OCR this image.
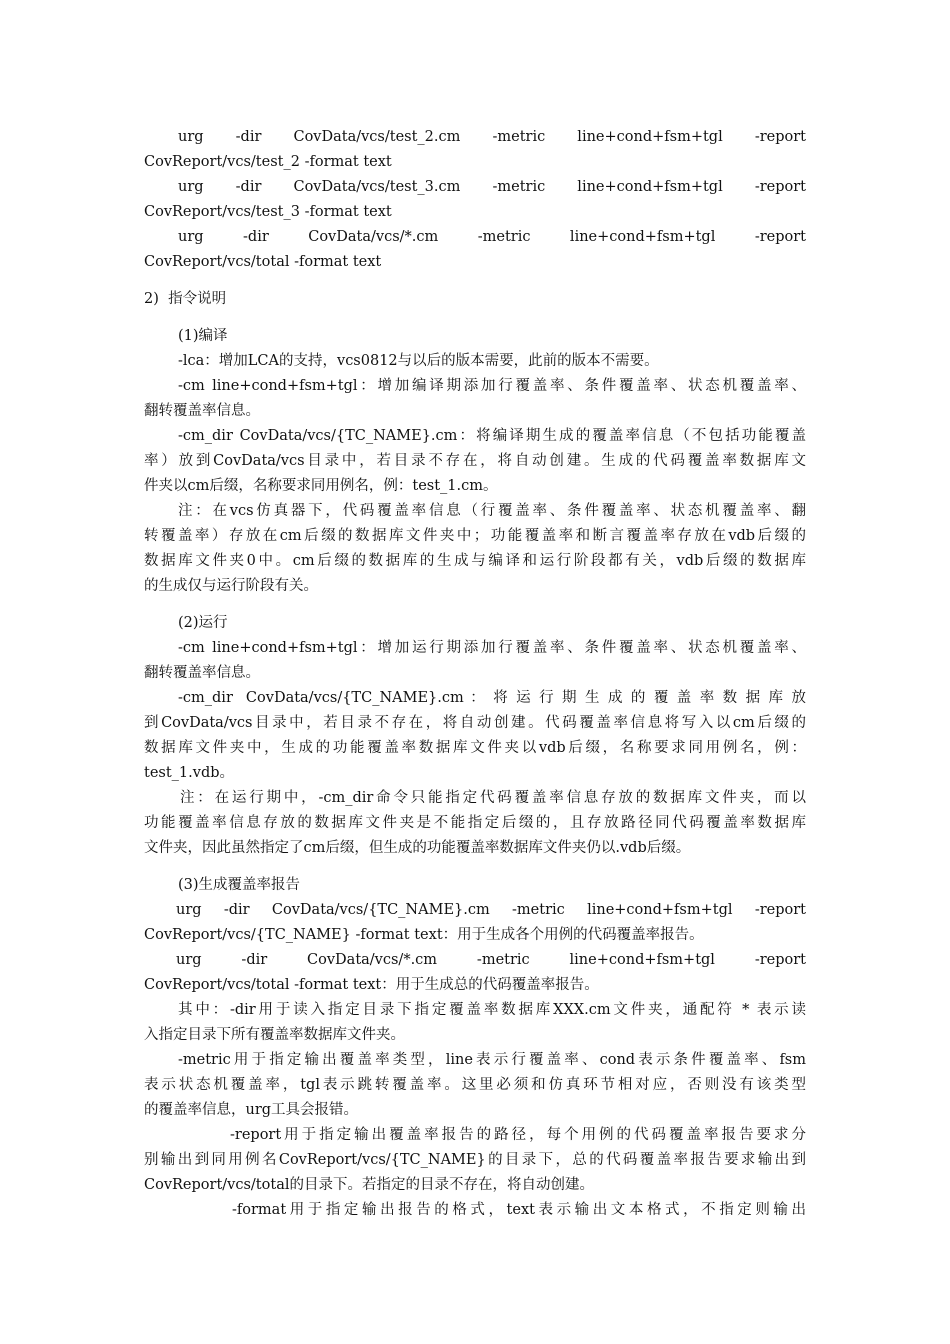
urg   -dir   CovData/vcs/test_2.cm   -metric   line+cond+fsm+tgl   -report
CovReport/vcs/test_2 -format text
urg   -dir   CovData/vcs/test_3.cm   -metric   line+cond+fsm+tgl   -report
CovReport/vcs/test_3 -format text
urg    -dir    CovData/vcs/*.cm    -metric    line+cond+fsm+tgl    -report
CovReport/vcs/total -format text
2)  指令说明
(1)编译
-lca：增加LCA的支持，vcs0812与以后的版本需要，此前的版本不需要。
-cm line+cond+fsm+tgl：增加编译期添加行覆盖率、条件覆盖率、状态机覆盖率、
翻转覆盖率信息。
-cm_dir CovData/vcs/{TC_NAME}.cm：将编译期生成的覆盖率信息（不包括功能覆盖
率）放到CovData/vcs目录中，若目录不存在，将自动创建。生成的代码覆盖率数据库文
件夹以cm后缀，名称要求同用例名，例：test_1.cm。
注：在vcs仿真器下，代码覆盖率信息（行覆盖率、条件覆盖率、状态机覆盖率、翻
转覆盖率）存放在cm后缀的数据库文件夹中；功能覆盖率和断言覆盖率存放在vdb后缀的
数据库文件夹0中。cm后缀的数据库的生成与编译和运行阶段都有关，vdb后缀的数据库
的生成仅与运行阶段有关。
(2)运行
-cm line+cond+fsm+tgl：增加运行期添加行覆盖率、条件覆盖率、状态机覆盖率、
翻转覆盖率信息。
-cm_dir  CovData/vcs/{TC_NAME}.cm ： 将 运 行 期 生 成 的 覆 盖 率 数 据 库 放
到CovData/vcs目录中，若目录不存在，将自动创建。代码覆盖率信息将写入以cm后缀的
数据库文件夹中，生成的功能覆盖率数据库文件夹以vdb后缀，名称要求同用例名，例：
test_1.vdb。
注：在运行期中，-cm_dir命令只能指定代码覆盖率信息存放的数据库文件夹，而以
功能覆盖率信息存放的数据库文件夹是不能指定后缀的，且存放路径同代码覆盖率数据库
文件夹，因此虽然指定了cm后缀，但生成的功能覆盖率数据库文件夹仍以.vdb后缀。
(3)生成覆盖率报告
urg   -dir   CovData/vcs/{TC_NAME}.cm   -metric   line+cond+fsm+tgl   -report
CovReport/vcs/{TC_NAME} -format text：用于生成各个用例的代码覆盖率报告。
urg    -dir    CovData/vcs/*.cm    -metric    line+cond+fsm+tgl    -report
CovReport/vcs/total -format text：用于生成总的代码覆盖率报告。
其中：-dir用于读入指定目录下指定覆盖率数据库XXX.cm文件夹，通配符 * 表示读
入指定目录下所有覆盖率数据库文件夹。
-metric用于指定输出覆盖率类型，line表示行覆盖率、cond表示条件覆盖率、fsm
表示状态机覆盖率，tgl表示跳转覆盖率。这里必须和仿真环节相对应，否则没有该类型
的覆盖率信息，urg工具会报错。
-report用于指定输出覆盖率报告的路径，每个用例的代码覆盖率报告要求分
别输出到同用例名CovReport/vcs/{TC_NAME}的目录下，总的代码覆盖率报告要求输出到
CovReport/vcs/total的目录下。若指定的目录不存在，将自动创建。
-format用于指定输出报告的格式，text表示输出文本格式，不指定则输出
